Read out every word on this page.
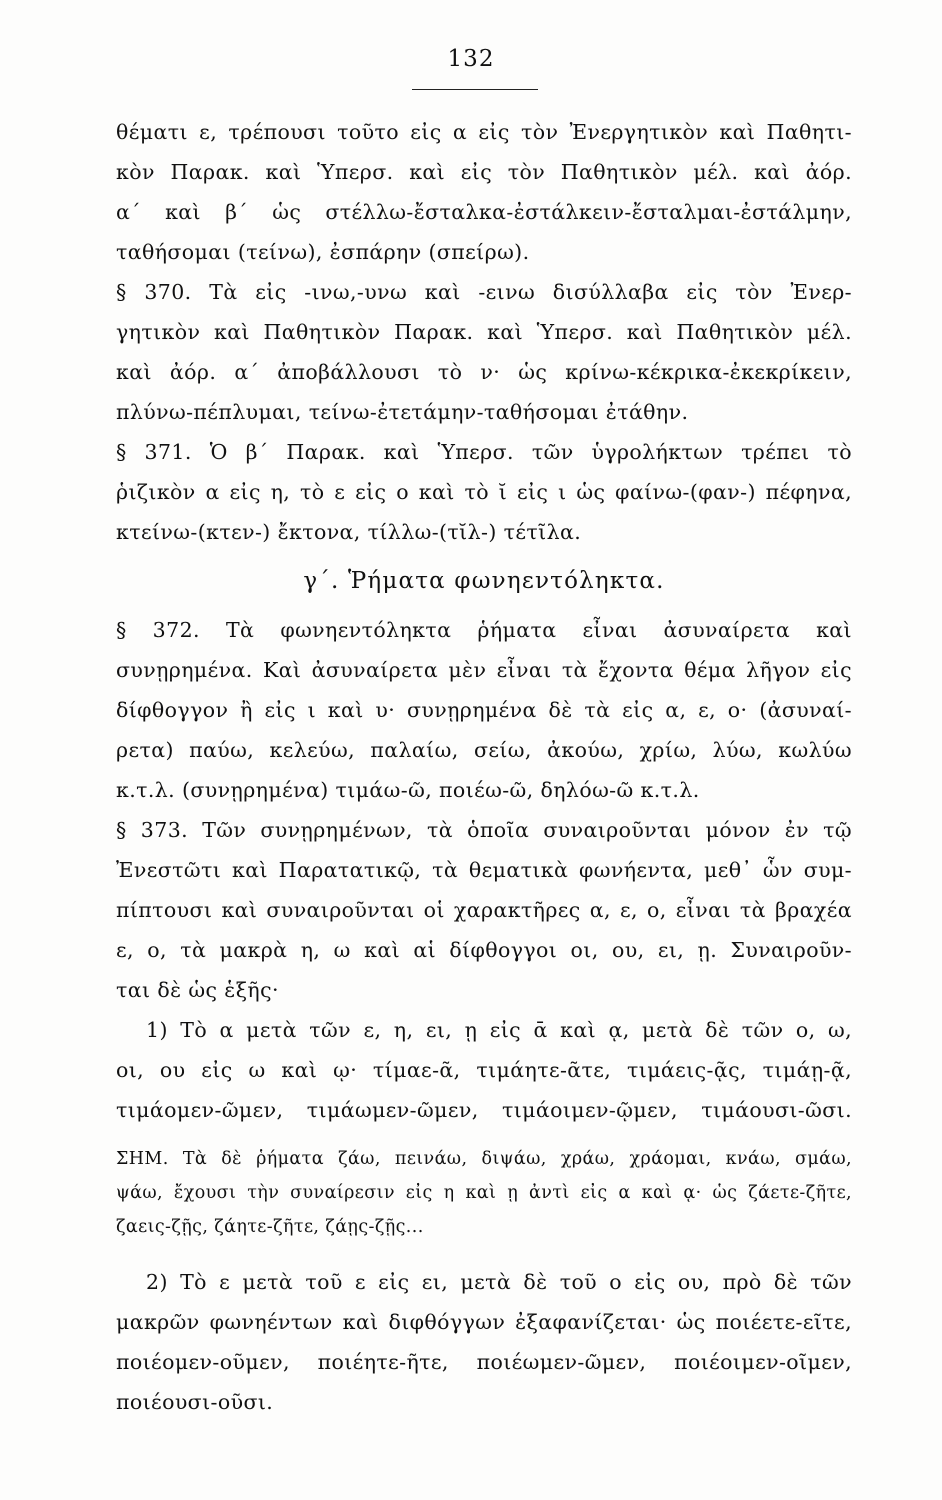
132
θέματι ε, τρέπουσι τοῦτο εἰς α εἰς τὸν Ἐνεργητικὸν καὶ Παθητι-
κὸν Παρακ. καὶ Ὑπερσ. καὶ εἰς τὸν Παθητικὸν μέλ. καὶ ἀόρ.
α΄ καὶ β΄ ὡς στέλλω-ἔσταλκα-ἐστάλκειν-ἔσταλμαι-ἐστάλμην,
ταθήσομαι (τείνω), ἐσπάρην (σπείρω).
§ 370. Τὰ εἰς -ινω,-υνω καὶ -εινω δισύλλαβα εἰς τὸν Ἐνερ-
γητικὸν καὶ Παθητικὸν Παρακ. καὶ Ὑπερσ. καὶ Παθητικὸν μέλ.
καὶ ἀόρ. α΄ ἀποβάλλουσι τὸ ν· ὡς κρίνω-κέκρικα-ἐκεκρίκειν,
πλύνω-πέπλυμαι, τείνω-ἐτετάμην-ταθήσομαι ἐτάθην.
§ 371. Ὁ β΄ Παρακ. καὶ Ὑπερσ. τῶν ὑγρολήκτων τρέπει τὸ
ῥιζικὸν α εἰς η, τὸ ε εἰς ο καὶ τὸ ῐ εἰς ι ὡς φαίνω-(φαν-) πέφηνα,
κτείνω-(κτεν-) ἔκτονα, τίλλω-(τῐλ-) τέτῖλα.
γ΄. Ῥήματα φωνηεντόληκτα.
§ 372. Τὰ φωνηεντόληκτα ῥήματα εἶναι ἀσυναίρετα καὶ
συνῃρημένα. Καὶ ἀσυναίρετα μὲν εἶναι τὰ ἔχοντα θέμα λῆγον εἰς
δίφθογγον ἢ εἰς ι καὶ υ· συνῃρημένα δὲ τὰ εἰς α, ε, ο· (ἀσυναί-
ρετα) παύω, κελεύω, παλαίω, σείω, ἀκούω, χρίω, λύω, κωλύω
κ.τ.λ. (συνῃρημένα) τιμάω-ῶ, ποιέω-ῶ, δηλόω-ῶ κ.τ.λ.
§ 373. Τῶν συνῃρημένων, τὰ ὁποῖα συναιροῦνται μόνον ἐν τῷ
Ἐνεστῶτι καὶ Παρατατικῷ, τὰ θεματικὰ φωνήεντα, μεθ᾽ ὧν συμ-
πίπτουσι καὶ συναιροῦνται οἱ χαρακτῆρες α, ε, ο, εἶναι τὰ βραχέα
ε, ο, τὰ μακρὰ η, ω καὶ αἱ δίφθογγοι οι, ου, ει, ῃ. Συναιροῦν-
ται δὲ ὡς ἑξῆς·
1) Τὸ α μετὰ τῶν ε, η, ει, ῃ εἰς ᾱ καὶ ᾳ, μετὰ δὲ τῶν ο, ω,
οι, ου εἰς ω καὶ ῳ· τίμαε-ᾶ, τιμάητε-ᾶτε, τιμάεις-ᾷς, τιμάῃ-ᾷ,
τιμάομεν-ῶμεν, τιμάωμεν-ῶμεν, τιμάοιμεν-ῷμεν, τιμάουσι-ῶσι.
ΣΗΜ. Τὰ δὲ ῥήματα ζάω, πεινάω, διψάω, χράω, χράομαι, κνάω, σμάω,
ψάω, ἔχουσι τὴν συναίρεσιν εἰς η καὶ ῃ ἀντὶ εἰς α καὶ ᾳ· ὡς ζάετε-ζῆτε,
ζαεις-ζῇς, ζάητε-ζῆτε, ζάῃς-ζῇς...
2) Τὸ ε μετὰ τοῦ ε εἰς ει, μετὰ δὲ τοῦ ο εἰς ου, πρὸ δὲ τῶν
μακρῶν φωνηέντων καὶ διφθόγγων ἐξαφανίζεται· ὡς ποιέετε-εῖτε,
ποιέομεν-οῦμεν, ποιέητε-ῆτε, ποιέωμεν-ῶμεν, ποιέοιμεν-οῖμεν,
ποιέουσι-οῦσι.
